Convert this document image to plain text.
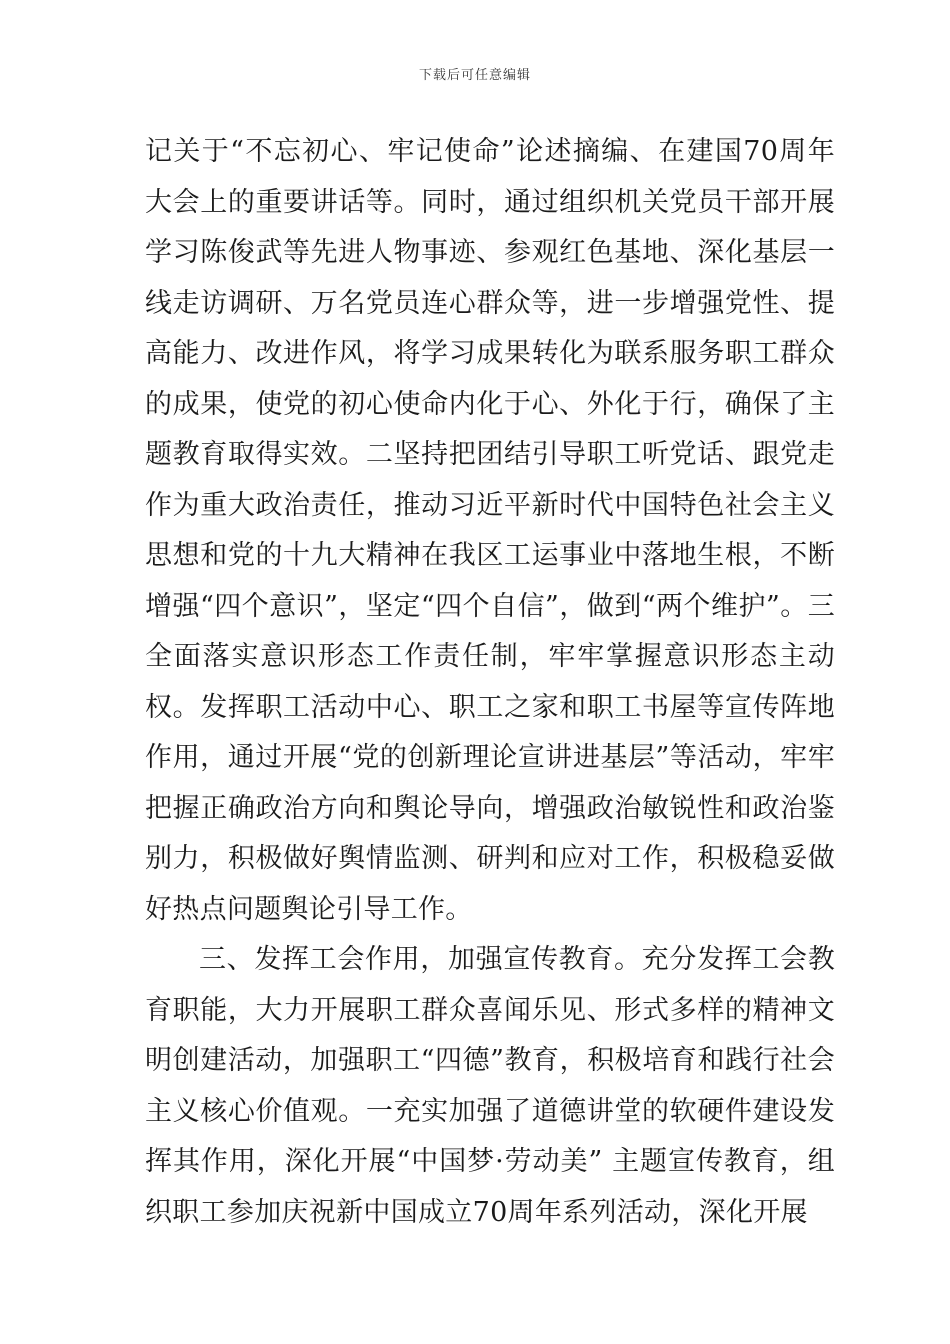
下载后可任意编辑

记关于“不忘初心、牢记使命”论述摘编、在建国70周年大会上的重要讲话等。同时，通过组织机关党员干部开展学习陈俊武等先进人物事迹、参观红色基地、深化基层一线走访调研、万名党员连心群众等，进一步增强党性、提高能力、改进作风，将学习成果转化为联系服务职工群众的成果，使党的初心使命内化于心、外化于行，确保了主题教育取得实效。二坚持把团结引导职工听党话、跟党走作为重大政治责任，推动习近平新时代中国特色社会主义思想和党的十九大精神在我区工运事业中落地生根，不断增强“四个意识”，坚定“四个自信”，做到“两个维护”。三全面落实意识形态工作责任制，牢牢掌握意识形态主动权。发挥职工活动中心、职工之家和职工书屋等宣传阵地作用，通过开展“党的创新理论宣讲进基层”等活动，牢牢把握正确政治方向和舆论导向，增强政治敏锐性和政治鉴别力，积极做好舆情监测、研判和应对工作，积极稳妥做好热点问题舆论引导工作。

三、发挥工会作用，加强宣传教育。充分发挥工会教育职能，大力开展职工群众喜闻乐见、形式多样的精神文明创建活动，加强职工“四德”教育，积极培育和践行社会主义核心价值观。一充实加强了道德讲堂的软硬件建设发挥其作用，深化开展“中国梦·劳动美” 主题宣传教育，组织职工参加庆祝新中国成立70周年系列活动，深化开展
